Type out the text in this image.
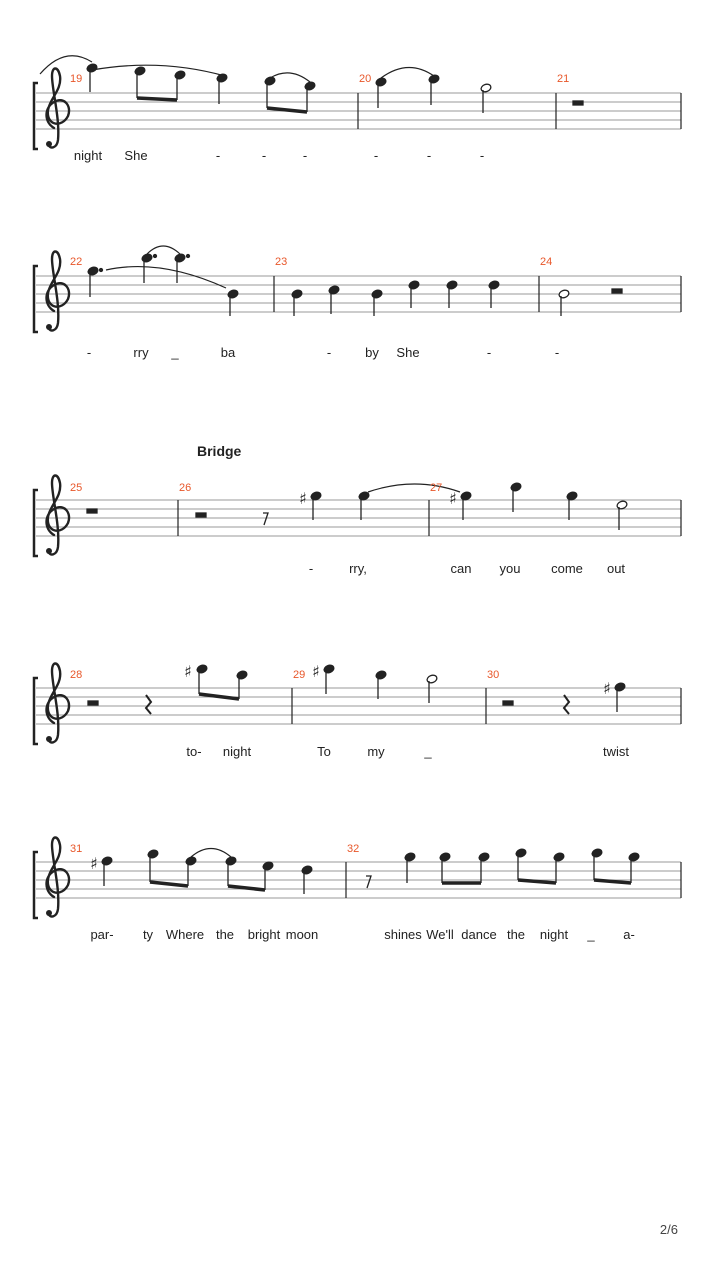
♯	♯
♯	♯
♯
♯
19	20	21
22	23	24
Bridge
25	26	27
28	29	30
31	32
night She	-	-	-	-	-	-
-	rry _	ba	-	by She	-	-
-	rry,	can you come out
to- night	To	my	_	twist
par- ty Where the bright moon	shines We'll dance the night _ a-
2/6
